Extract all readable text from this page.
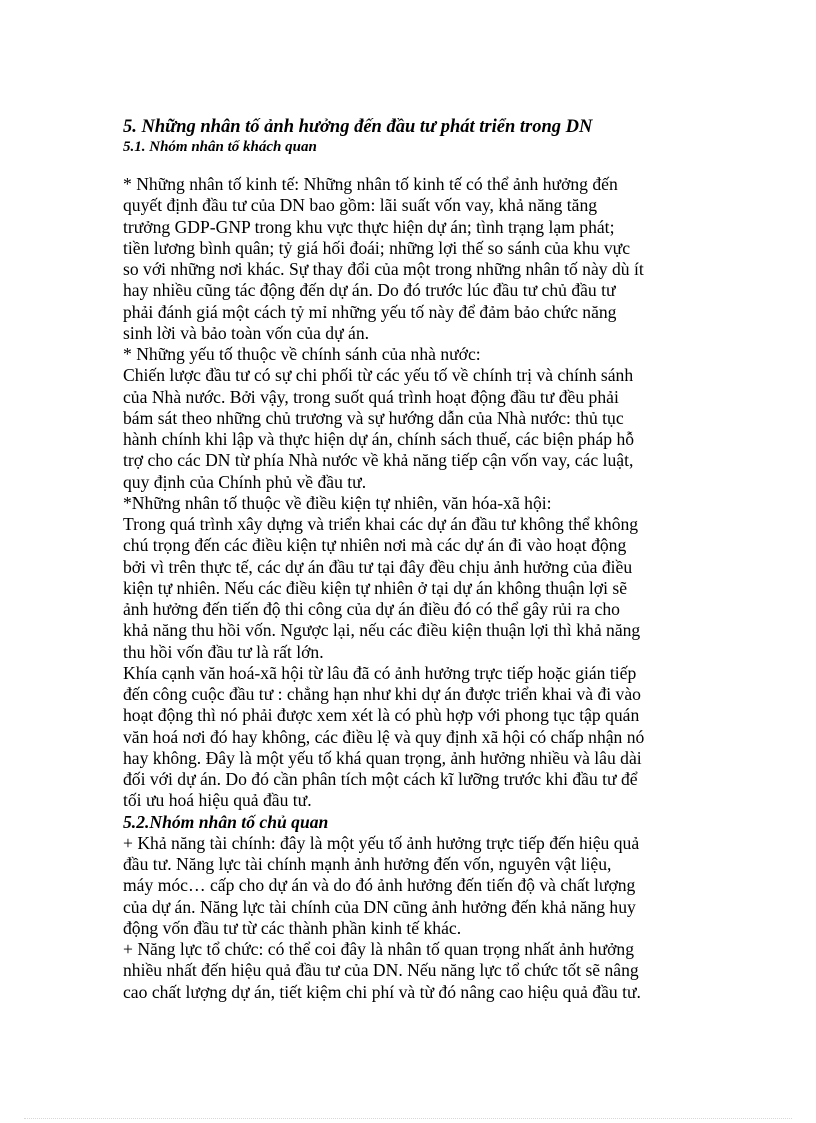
5. Những nhân tố ảnh hưởng đến đầu tư phát triển trong DN

5.1. Nhóm nhân tố khách quan

* Những nhân tố kinh tế: Những nhân tố kinh tế có thể ảnh hưởng đến

quyết định đầu tư của DN bao gồm: lãi suất vốn vay, khả năng tăng

trưởng GDP-GNP trong khu vực thực hiện dự án; tình trạng lạm phát;

tiền lương bình quân; tỷ giá hối đoái; những lợi thế so sánh của khu vực

so với những nơi khác. Sự thay đổi của một trong những nhân tố này dù ít

hay nhiều cũng tác động đến dự án. Do đó trước lúc đầu tư chủ đầu tư

phải đánh giá một cách tỷ mỉ những yếu tố này để đảm bảo chức năng

sinh lời và bảo toàn vốn của dự án.

* Những yếu tố thuộc về chính sánh của nhà nước:

Chiến lược đầu tư có sự chi phối từ các yếu tố về chính trị và chính sánh

của Nhà nước. Bởi vậy, trong suốt quá trình hoạt động đầu tư đều phải

bám sát theo những chủ trương và sự hướng dẫn của Nhà nước: thủ tục

hành chính khi lập và thực hiện dự án, chính sách thuế, các biện pháp hỗ

trợ cho các DN từ phía Nhà nước về khả năng tiếp cận vốn vay, các luật,

quy định của Chính phủ về đầu tư.

*Những nhân tố thuộc về điều kiện tự nhiên, văn hóa-xã hội:

Trong quá trình xây dựng và triển khai các dự án đầu tư không thể không

chú trọng đến các điều kiện tự nhiên nơi mà các dự án đi vào hoạt động

bởi vì trên thực tế, các dự án đầu tư tại đây đều chịu ảnh hưởng của điều

kiện tự nhiên. Nếu các điều kiện tự nhiên ở tại dự án không thuận lợi sẽ

ảnh hưởng đến tiến độ thi công của dự án điều đó có thể gây rủi ra cho

khả năng thu hồi vốn. Ngược lại, nếu các điều kiện thuận lợi thì khả năng

thu hồi vốn đầu tư là rất lớn.

Khía cạnh văn hoá-xã hội từ lâu đã có ảnh hưởng trực tiếp hoặc gián tiếp

đến công cuộc đầu tư : chẳng hạn như khi dự án được triển khai và đi vào

hoạt động thì nó phải được xem xét là có phù hợp với phong tục tập quán

văn hoá nơi đó hay không, các điều lệ và quy định xã hội có chấp nhận nó

hay không. Đây là một yếu tố khá quan trọng, ảnh hưởng nhiều và lâu dài

đối với dự án. Do đó cần phân tích một cách kĩ lưỡng trước khi đầu tư để

tối ưu hoá hiệu quả đầu tư.

5.2.Nhóm nhân tố chủ quan

+ Khả năng tài chính: đây là một yếu tố ảnh hưởng trực tiếp đến hiệu quả

đầu tư. Năng lực tài chính mạnh ảnh hưởng đến vốn, nguyên vật liệu,

máy móc… cấp cho dự án và do đó ảnh hưởng đến tiến độ và chất lượng

của dự án. Năng lực tài chính của DN cũng ảnh hưởng đến khả năng huy

động vốn đầu tư từ các thành phần kinh tế khác.

+ Năng lực tổ chức: có thể coi đây là nhân tố quan trọng nhất ảnh hưởng

nhiều nhất đến hiệu quả đầu tư của DN. Nếu năng lực tổ chức tốt sẽ nâng

cao chất lượng dự án, tiết kiệm chi phí và từ đó nâng cao hiệu quả đầu tư.
